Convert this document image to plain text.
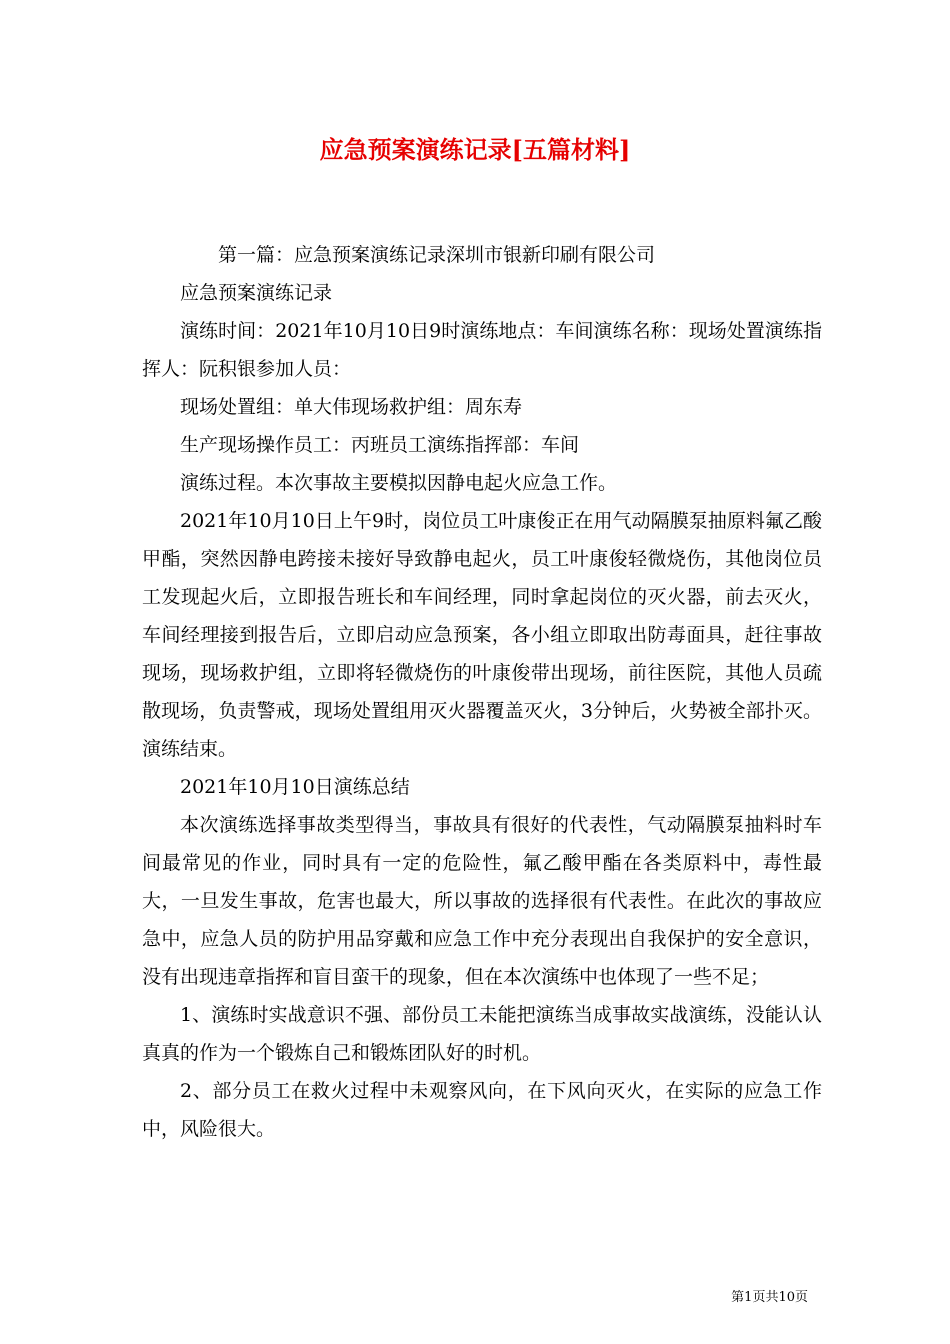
应急预案演练记录[五篇材料]

第一篇：应急预案演练记录深圳市银新印刷有限公司

应急预案演练记录

演练时间：2021年10月10日9时演练地点：车间演练名称：现场处置演练指挥人：阮积银参加人员：

现场处置组：单大伟现场救护组：周东寿

生产现场操作员工：丙班员工演练指挥部：车间

演练过程。本次事故主要模拟因静电起火应急工作。

2021年10月10日上午9时，岗位员工叶康俊正在用气动隔膜泵抽原料氟乙酸甲酯，突然因静电跨接未接好导致静电起火，员工叶康俊轻微烧伤，其他岗位员工发现起火后，立即报告班长和车间经理，同时拿起岗位的灭火器，前去灭火，车间经理接到报告后，立即启动应急预案，各小组立即取出防毒面具，赶往事故现场，现场救护组，立即将轻微烧伤的叶康俊带出现场，前往医院，其他人员疏散现场，负责警戒，现场处置组用灭火器覆盖灭火，3分钟后，火势被全部扑灭。演练结束。

2021年10月10日演练总结

本次演练选择事故类型得当，事故具有很好的代表性，气动隔膜泵抽料时车间最常见的作业，同时具有一定的危险性，氟乙酸甲酯在各类原料中，毒性最大，一旦发生事故，危害也最大，所以事故的选择很有代表性。在此次的事故应急中，应急人员的防护用品穿戴和应急工作中充分表现出自我保护的安全意识，没有出现违章指挥和盲目蛮干的现象，但在本次演练中也体现了一些不足；

1、演练时实战意识不强、部份员工未能把演练当成事故实战演练，没能认认真真的作为一个锻炼自己和锻炼团队好的时机。

2、部分员工在救火过程中未观察风向，在下风向灭火，在实际的应急工作中，风险很大。

第1页共10页
